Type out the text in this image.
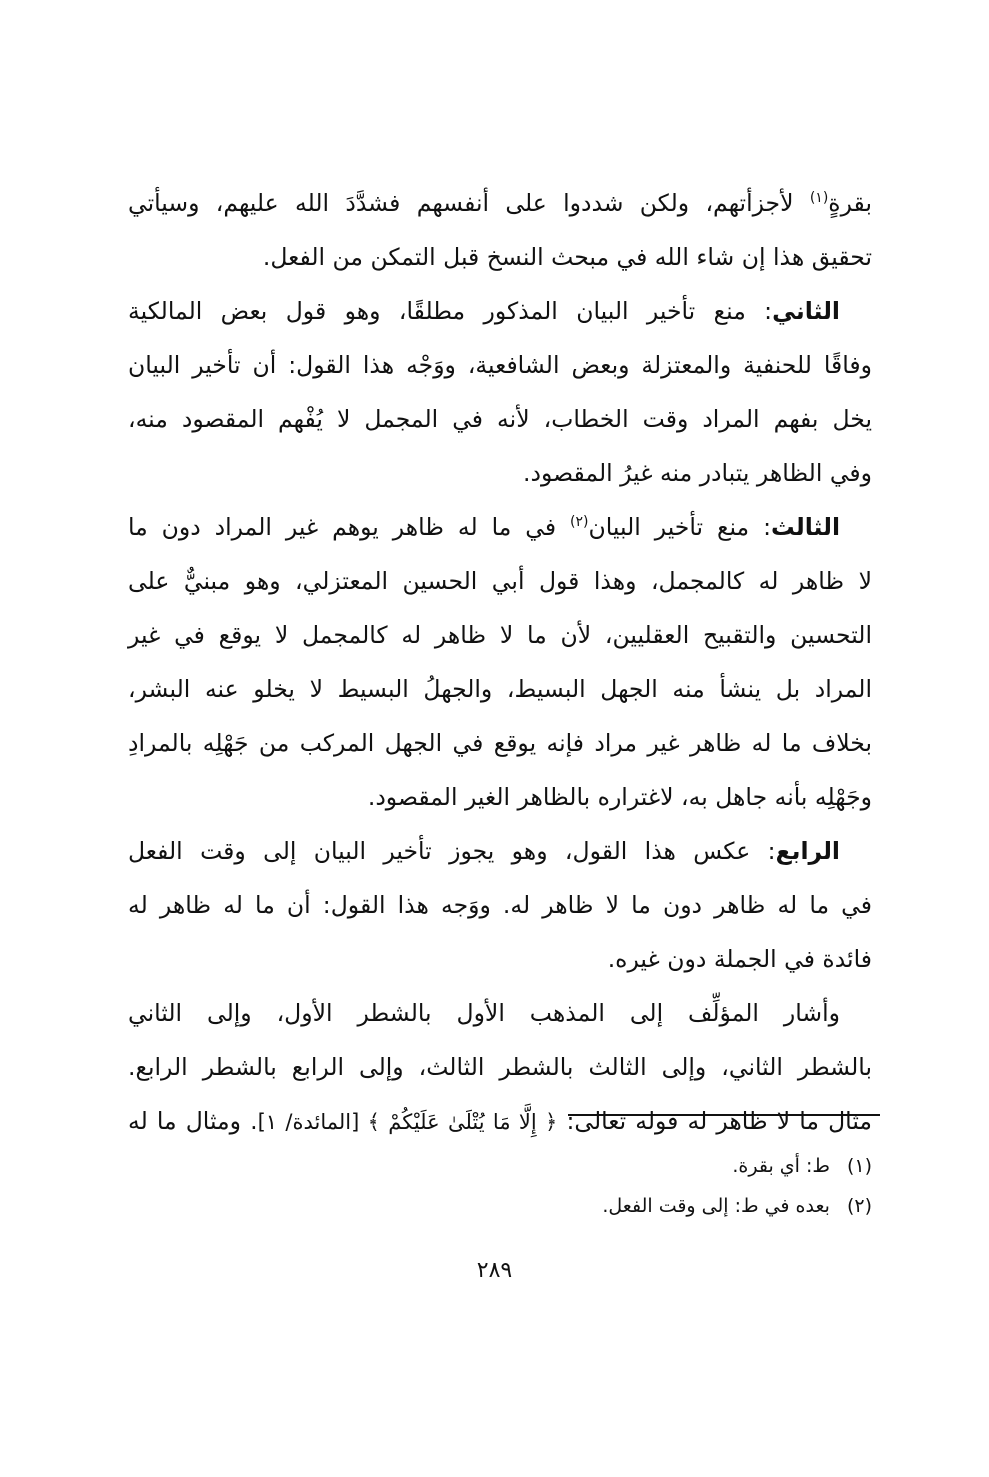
بقرةٍ$^{(١)}$ لأجزأتهم، ولكن شددوا على أنفسهم فشدَّدَ الله عليهم، وسيأتي
تحقيق هذا إن شاء الله في مبحث النسخ قبل التمكن من الفعل.
الثاني: منع تأخير البيان المذكور مطلقًا، وهو قول بعض المالكية
وفاقًا للحنفية والمعتزلة وبعض الشافعية، ووَجْه هذا القول: أن تأخير البيان
يخل بفهم المراد وقت الخطاب، لأنه في المجمل لا يُفْهم المقصود منه،
وفي الظاهر يتبادر منه غيرُ المقصود.
الثالث: منع تأخير البيان$^{(٢)}$ في ما له ظاهر يوهم غير المراد دون ما
لا ظاهر له كالمجمل، وهذا قول أبي الحسين المعتزلي، وهو مبنيٌّ على
التحسين والتقبيح العقليين، لأن ما لا ظاهر له كالمجمل لا يوقع في غير
المراد بل ينشأ منه الجهل البسيط، والجهلُ البسيط لا يخلو عنه البشر،
بخلاف ما له ظاهر غير مراد فإنه يوقع في الجهل المركب من جَهْلِه بالمرادِ
وجَهْلِه بأنه جاهل به، لاغتراره بالظاهر الغير المقصود.
الرابع: عكس هذا القول، وهو يجوز تأخير البيان إلى وقت الفعل
في ما له ظاهر دون ما لا ظاهر له. ووَجه هذا القول: أن ما له ظاهر له
فائدة في الجملة دون غيره.
وأشار المؤلِّف إلى المذهب الأول بالشطر الأول، وإلى الثاني
بالشطر الثاني، وإلى الثالث بالشطر الثالث، وإلى الرابع بالشطر الرابع.
مثال ما لا ظاهر له قوله تعالى: ﴿ إِلَّا مَا يُتْلَىٰ عَلَيْكُمْ ﴾ [المائدة/ ١]. ومثال ما له
(١) ط: أي بقرة.
(٢) بعده في ط: إلى وقت الفعل.
٢٨٩
